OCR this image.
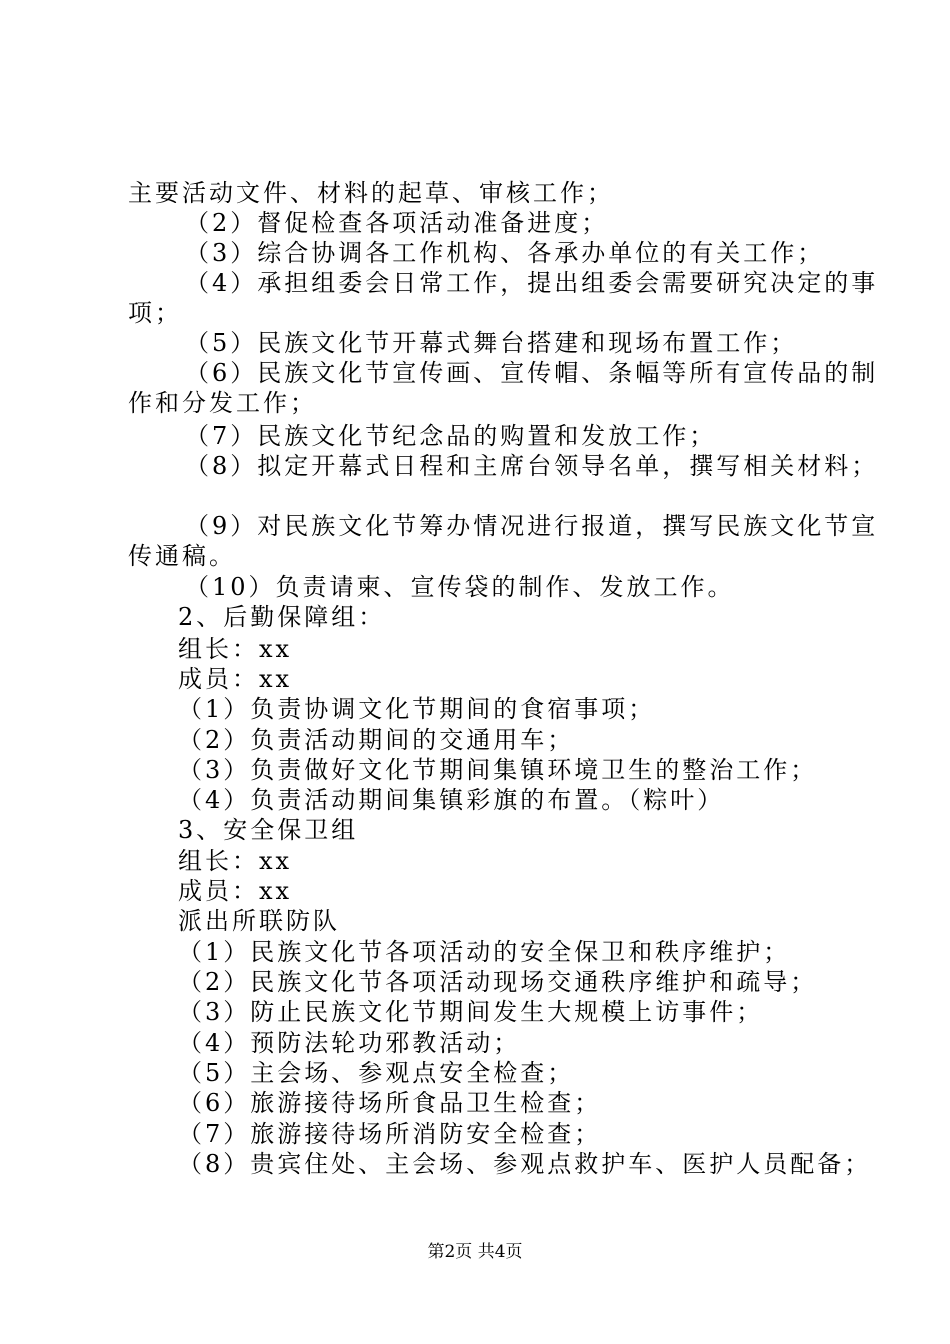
主要活动文件、材料的起草、审核工作；
（2）督促检查各项活动准备进度；
（3）综合协调各工作机构、各承办单位的有关工作；
（4）承担组委会日常工作，提出组委会需要研究决定的事
项；
（5）民族文化节开幕式舞台搭建和现场布置工作；
（6）民族文化节宣传画、宣传帽、条幅等所有宣传品的制
作和分发工作；
（7）民族文化节纪念品的购置和发放工作；
（8）拟定开幕式日程和主席台领导名单，撰写相关材料；
（9）对民族文化节筹办情况进行报道，撰写民族文化节宣
传通稿。
（10）负责请柬、宣传袋的制作、发放工作。
2、后勤保障组：
组长：xx
成员：xx
（1）负责协调文化节期间的食宿事项；
（2）负责活动期间的交通用车；
（3）负责做好文化节期间集镇环境卫生的整治工作；
（4）负责活动期间集镇彩旗的布置。（粽叶）
3、安全保卫组
组长：xx
成员：xx
派出所联防队
（1）民族文化节各项活动的安全保卫和秩序维护；
（2）民族文化节各项活动现场交通秩序维护和疏导；
（3）防止民族文化节期间发生大规模上访事件；
（4）预防法轮功邪教活动；
（5）主会场、参观点安全检查；
（6）旅游接待场所食品卫生检查；
（7）旅游接待场所消防安全检查；
（8）贵宾住处、主会场、参观点救护车、医护人员配备；
第2页 共4页
